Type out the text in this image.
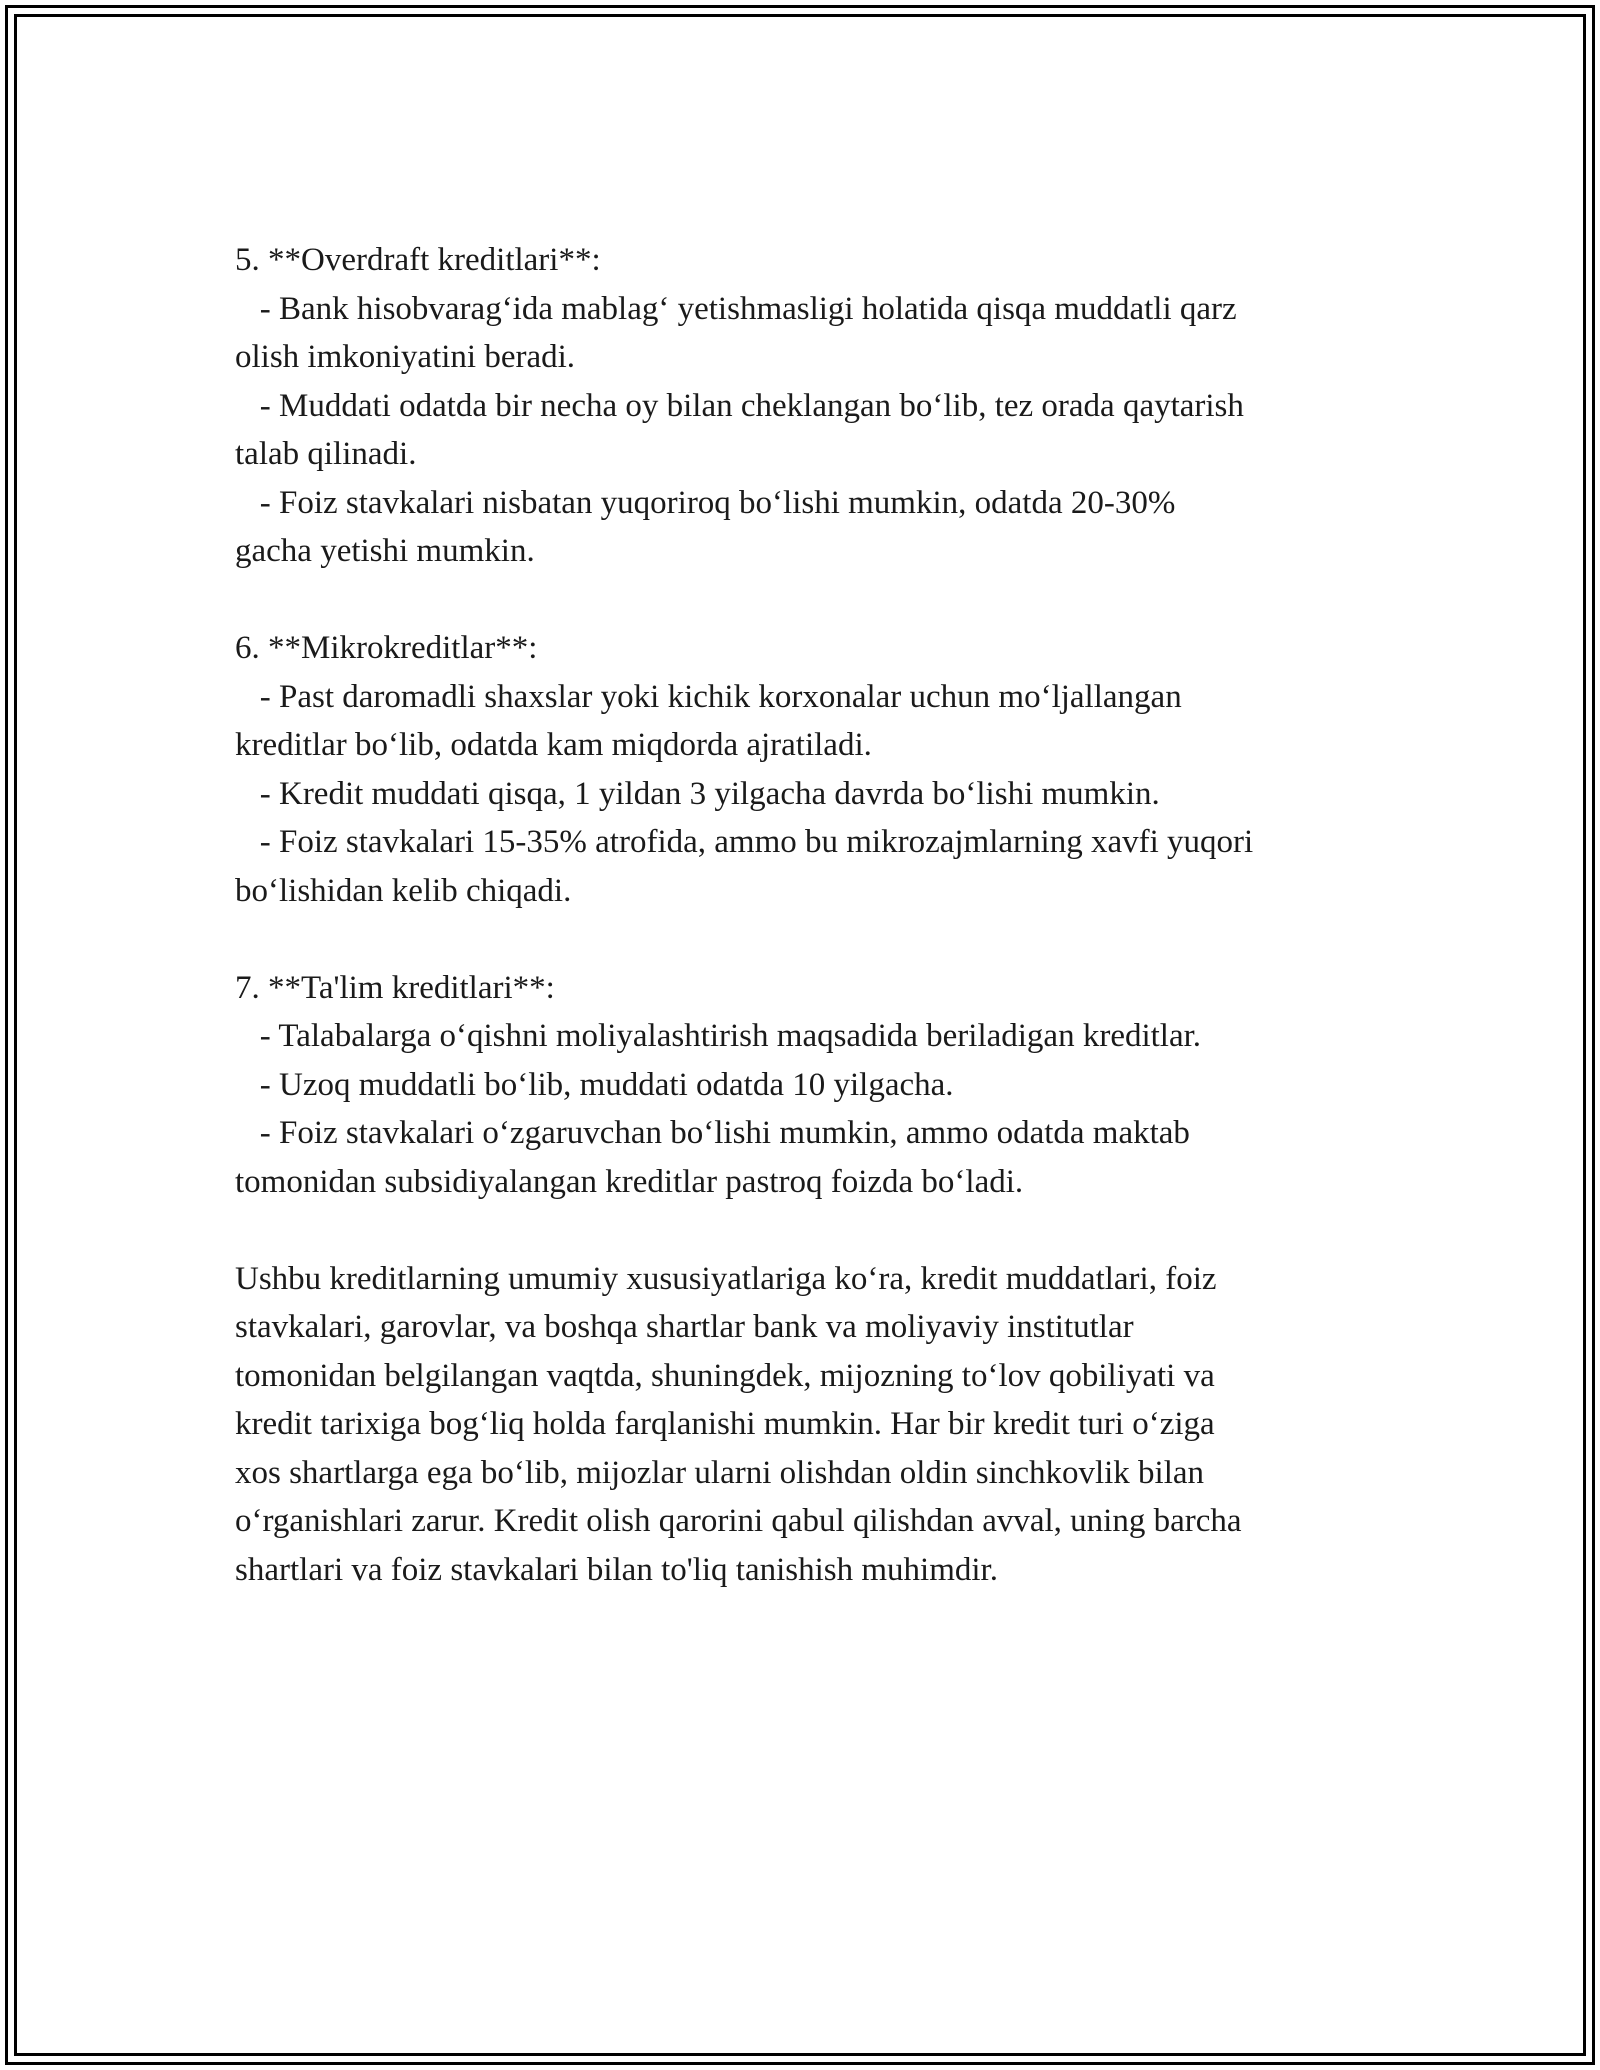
5. **Overdraft kreditlari**:
- Bank hisobvarag‘ida mablag‘ yetishmasligi holatida qisqa muddatli qarz
olish imkoniyatini beradi.
- Muddati odatda bir necha oy bilan cheklangan bo‘lib, tez orada qaytarish
talab qilinadi.
- Foiz stavkalari nisbatan yuqoriroq bo‘lishi mumkin, odatda 20-30%
gacha yetishi mumkin.
6. **Mikrokreditlar**:
- Past daromadli shaxslar yoki kichik korxonalar uchun mo‘ljallangan
kreditlar bo‘lib, odatda kam miqdorda ajratiladi.
- Kredit muddati qisqa, 1 yildan 3 yilgacha davrda bo‘lishi mumkin.
- Foiz stavkalari 15-35% atrofida, ammo bu mikrozajmlarning xavfi yuqori
bo‘lishidan kelib chiqadi.
7. **Ta'lim kreditlari**:
- Talabalarga o‘qishni moliyalashtirish maqsadida beriladigan kreditlar.
- Uzoq muddatli bo‘lib, muddati odatda 10 yilgacha.
- Foiz stavkalari o‘zgaruvchan bo‘lishi mumkin, ammo odatda maktab
tomonidan subsidiyalangan kreditlar pastroq foizda bo‘ladi.
Ushbu kreditlarning umumiy xususiyatlariga ko‘ra, kredit muddatlari, foiz
stavkalari, garovlar, va boshqa shartlar bank va moliyaviy institutlar
tomonidan belgilangan vaqtda, shuningdek, mijozning to‘lov qobiliyati va
kredit tarixiga bog‘liq holda farqlanishi mumkin. Har bir kredit turi o‘ziga
xos shartlarga ega bo‘lib, mijozlar ularni olishdan oldin sinchkovlik bilan
o‘rganishlari zarur. Kredit olish qarorini qabul qilishdan avval, uning barcha
shartlari va foiz stavkalari bilan to'liq tanishish muhimdir.
